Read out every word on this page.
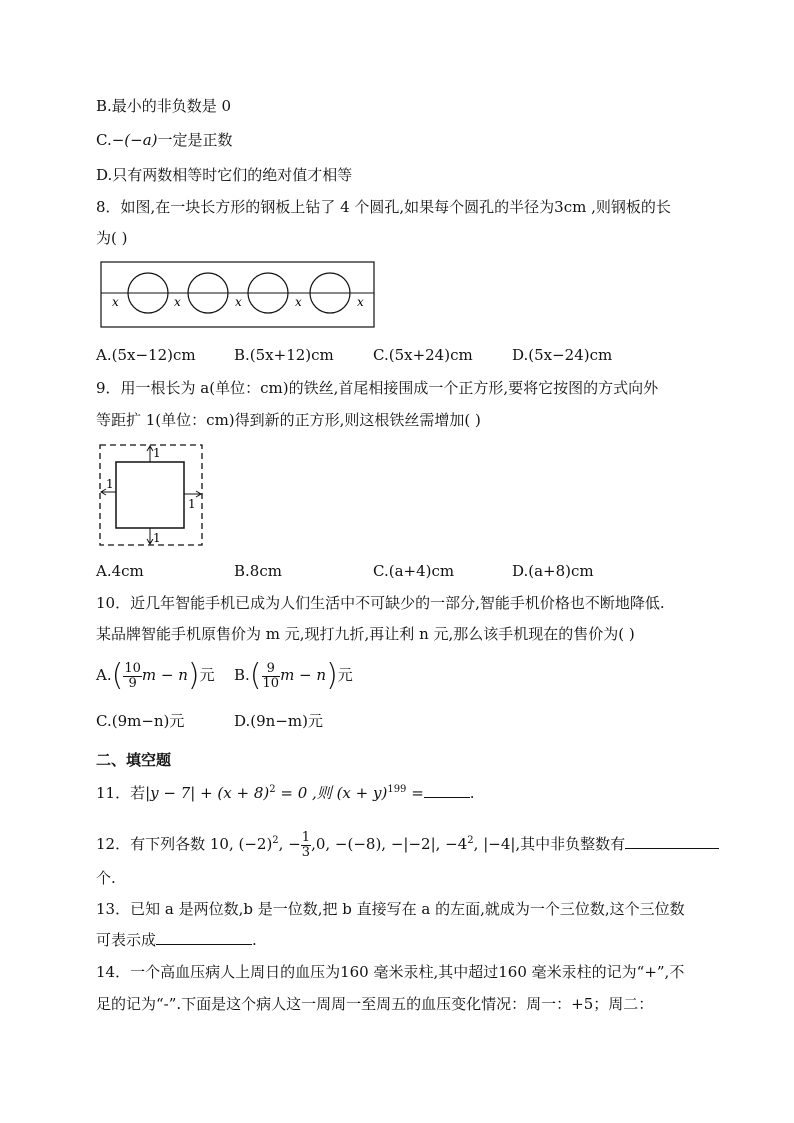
B.最小的非负数是 0
C.−(−a)一定是正数
D.只有两数相等时它们的绝对值才相等
8．如图,在一块长方形的钢板上钻了 4 个圆孔,如果每个圆孔的半径为3cm ,则钢板的长
为( )
x	x	x	x	x
A.(5x−12)cm	B.(5x+12)cm	C.(5x+24)cm	D.(5x−24)cm
9．用一根长为 a(单位：cm)的铁丝,首尾相接围成一个正方形,要将它按图的方式向外
等距扩 1(单位：cm)得到新的正方形,则这根铁丝需增加( )
1
1
1
1
A.4cm	B.8cm	C.(a+4)cm	D.(a+8)cm
10．近几年智能手机已成为人们生活中不可缺少的一部分,智能手机价格也不断地降低.
某品牌智能手机原售价为 m 元,现打九折,再让利 n 元,那么该手机现在的售价为( )
$A.( \frac{10}{9}$ m − n)元 $B.( \frac{9}{10}$ m − n)元
C.(9m−n)元	D.(9n−m)元
二、填空题
11．若$|y - 7| + (x + 8)^2 = 0$ ,则 $(x + y)^{199}$ =	.
12．有下列各数 10, $(-2)^2$, − $\frac{1}{3} ,0$, −(−8), −|−2|, $-4^2$, |−4|,其中非负整数有
个.
13．已知 a 是两位数,b 是一位数,把 b 直接写在 a 的左面,就成为一个三位数,这个三位数
可表示成	.
14．一个高血压病人上周日的血压为160 毫米汞柱,其中超过160 毫米汞柱的记为“+”,不
足的记为“-”.下面是这个病人这一周周一至周五的血压变化情况：周一：+5；周二：
